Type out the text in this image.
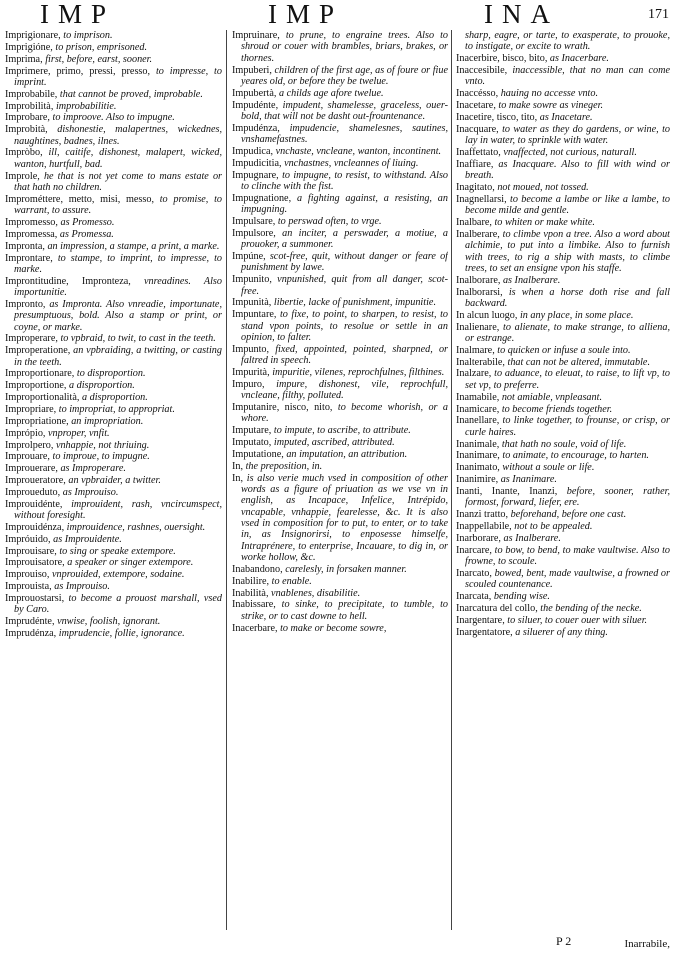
IMP	IMP	INA	171
Imprigionare, to imprison.
Imprigióne, to prison, emprisoned.
Imprima, first, before, earst, sooner.
Imprimere, primo, pressi, presso, to impresse, to imprint.
Improbabile, that cannot be proved, improbable.
Improbilità, improbabilitie.
Improbare, to improove. Also to impugne.
Improbità, dishonestie, malapertnes, wickednes, naughtines, badnes, ilnes.
Impròbo, ill, caitife, dishonest, malapert, wicked, wanton, hurtfull, bad.
Improle, he that is not yet come to mans estate or that hath no children.
Improméttere, metto, misi, messo, to promise, to warrant, to assure.
Impromesso, as Promesso.
Impromessa, as Promessa.
Impronta, an impression, a stampe, a print, a marke.
Improntare, to stampe, to imprint, to impresse, to marke.
Improntitudine, Impronteza, vnreadines. Also importunitie.
Impronto, as Impronta. Also vnreadie, importunate, presumptuous, bold. Also a stamp or print, or coyne, or marke.
Improperare, to vpbraid, to twit, to cast in the teeth.
Improperatione, an vpbraiding, a twitting, or casting in the teeth.
Improportionare, to disproportion.
Improportione, a disproportion.
Improportionalità, a disproportion.
Impropriare, to impropriat, to appropriat.
Impropriatione, an impropriation.
Imprópio, vnproper, vnfit.
Improlpero, vnhappie, not thriuing.
Improuare, to improue, to impugne.
Improuerare, as Improperare.
Improueratore, an vpbraider, a twitter.
Improueduto, as Improuiso.
Improuidénte, improuident, rash, vncircumspect, without foresight.
Improuidénza, improuidence, rashnes, ouersight.
Impróuido, as Improuidente.
Improuisare, to sing or speake extempore.
Improuisatore, a speaker or singer extempore.
Improuiso, vnprouided, extempore, sodaine.
Improuista, as Improuiso.
Improuostarsi, to become a prouost marshall, vsed by Caro.
Imprudénte, vnwise, foolish, ignorant.
Imprudénza, imprudencie, follie, ignorance.
Impruinare, to prune, to engraine trees. Also to shroud or couer with brambles, briars, brakes, or thornes.
Impuberi, children of the first age, as of foure or fiue yeares old, or before they be twelue.
Impubertà, a childs age afore twelue.
Impudénte, impudent, shamelesse, graceless, ouer-bold, that will not be dasht out-frountenance.
Impudénza, impudencie, shamelesnes, sautines, vnshamefastnes.
Impudica, vnchaste, vncleane, wanton, incontinent.
Impudicitia, vnchastnes, vncleannes of liuing.
Impugnare, to impugne, to resist, to withstand. Also to clinche with the fist.
Impugnatione, a fighting against, a resisting, an impugning.
Impulsare, to perswad often, to vrge.
Impulsore, an inciter, a perswader, a motiue, a prouoker, a summoner.
Impúne, scot-free, quit, without danger or feare of punishment by lawe.
Impunito, vnpunished, quit from all danger, scot-free.
Impunità, libertie, lacke of punishment, impunitie.
Impuntare, to fixe, to point, to sharpen, to resist, to stand vpon points, to resolue or settle in an opinion, to falter.
Impunto, fixed, appointed, pointed, sharpned, or faltred in speech.
Impurità, impuritie, vilenes, reprochfulnes, filthines.
Impuro, impure, dishonest, vile, reprochfull, vncleane, filthy, polluted.
Imputanire, nisco, nito, to become whorish, or a whore.
Imputare, to impute, to ascribe, to attribute.
Imputato, imputed, ascribed, attributed.
Imputatione, an imputation, an attribution.
In, the preposition, in.
In, is also verie much vsed in composition of other words as a figure of priuation as we vse vn in english, as Incapace, Infelice, Intrépido, vncapable, vnhappie, fearelesse, &c. It is also vsed in composition for to put, to enter, or to take in, as Insignorirsi, to enposesse himselfe, Intraprénere, to enterprise, Incauare, to dig in, or worke hollow, &c.
Inabandono, carelesly, in forsaken manner.
Inabilire, to enable.
Inabilità, vnablenes, disabilitie.
Inabissare, to sinke, to precipitate, to tumble, to strike, or to cast downe to hell.
Inacerbare, to make or become sowre,
sharp, eagre, or tarte, to exasperate, to prouoke, to instigate, or excite to wrath.
Inacerbire, bisco, bito, as Inacerbare.
Inaccesibile, inaccessible, that no man can come vnto.
Inaccésso, hauing no accesse vnto.
Inacetare, to make sowre as vineger.
Inacetire, tisco, tito, as Inacetare.
Inacquare, to water as they do gardens, or wine, to lay in water, to sprinkle with water.
Inaffettato, vnaffected, not curious, naturall.
Inaffiare, as Inacquare. Also to fill with wind or breath.
Inagitato, not moued, not tossed.
Inagnellarsi, to become a lambe or like a lambe, to become milde and gentle.
Inalbare, to whiten or make white.
Inalberare, to climbe vpon a tree. Also a word about alchimie, to put into a limbike. Also to furnish with trees, to rig a ship with masts, to climbe trees, to set an ensigne vpon his staffe.
Inalborare, as Inalberare.
Inalborarsi, is when a horse doth rise and fall backward.
In alcun luogo, in any place, in some place.
Inalienare, to alienate, to make strange, to alliena, or estrange.
Inalmare, to quicken or infuse a soule into.
Inalterabile, that can not be altered, immutable.
Inalzare, to aduance, to eleuat, to raise, to lift vp, to set vp, to preferre.
Inamabile, not amiable, vnpleasant.
Inamicare, to become friends together.
Inanellare, to linke together, to frounse, or crisp, or curle haires.
Inanimale, that hath no soule, void of life.
Inanimare, to animate, to encourage, to harten.
Inanimato, without a soule or life.
Inanimire, as Inanimare.
Inanti, Inante, Inanzi, before, sooner, rather, formost, forward, liefer, ere.
Inanzi tratto, beforehand, before one cast.
Inappellabile, not to be appealed.
Inarborare, as Inalberare.
Inarcare, to bow, to bend, to make vaultwise. Also to frowne, to scoule.
Inarcato, bowed, bent, made vaultwise, a frowned or scouled countenance.
Inarcata, bending wise.
Inarcatura del collo, the bending of the necke.
Inargentare, to siluer, to couer ouer with siluer.
Inargentatore, a siluerer of any thing.
P 2	Inarrabile,
